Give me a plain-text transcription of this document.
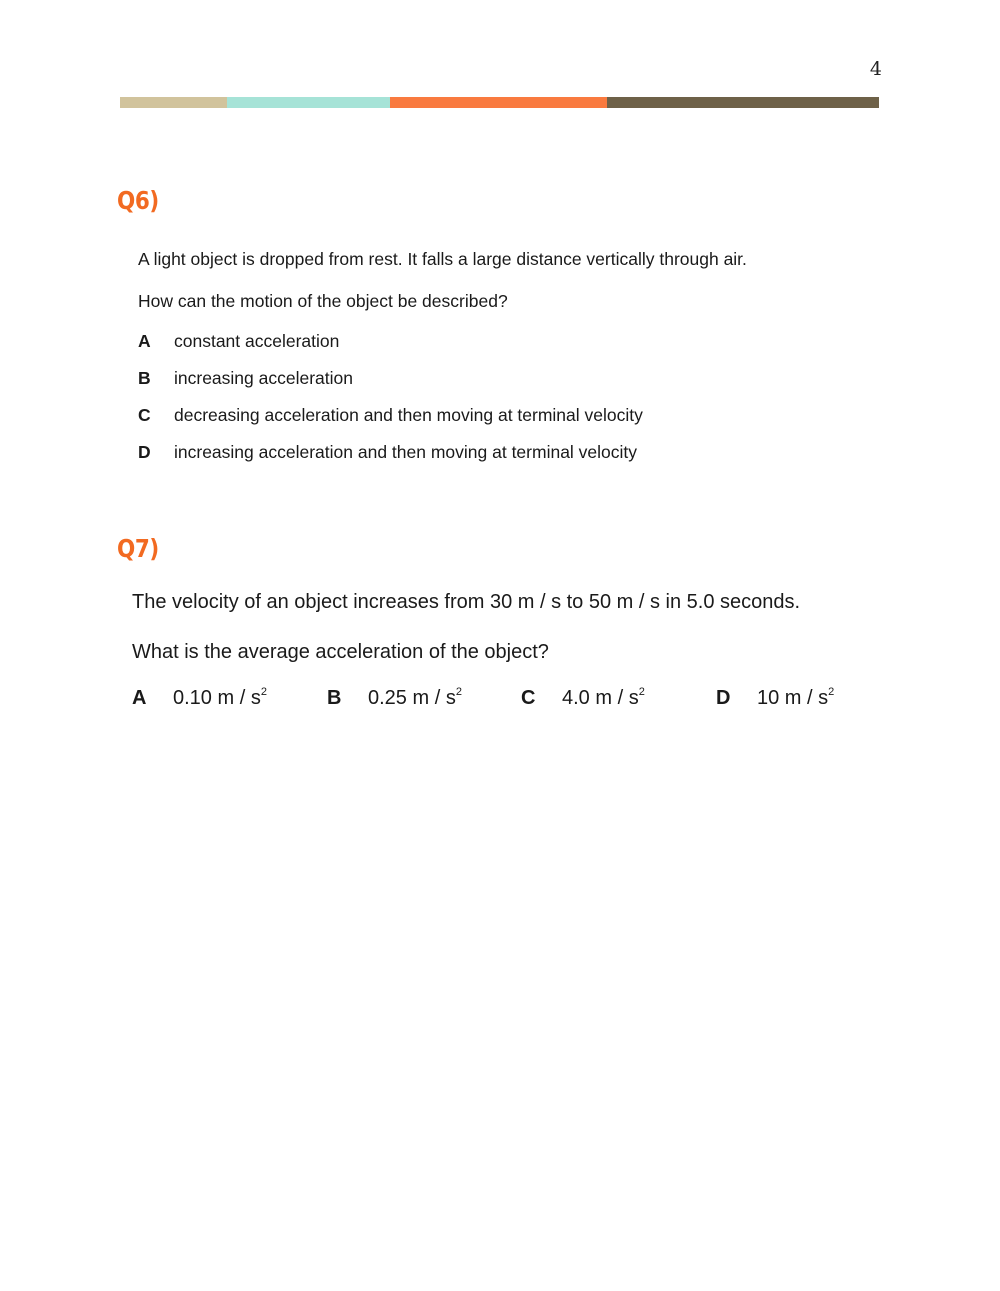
4
Q6)
A light object is dropped from rest. It falls a large distance vertically through air.
How can the motion of the object be described?
A	constant acceleration
B	increasing acceleration
C	decreasing acceleration and then moving at terminal velocity
D	increasing acceleration and then moving at terminal velocity
Q7)
The velocity of an object increases from 30 m / s to 50 m / s in 5.0 seconds.
What is the average acceleration of the object?
A 0.10 m / $s^2$	B 0.25 m / $s^2$	C 4.0 m / $s^2$	D 10 m / $s^2$
